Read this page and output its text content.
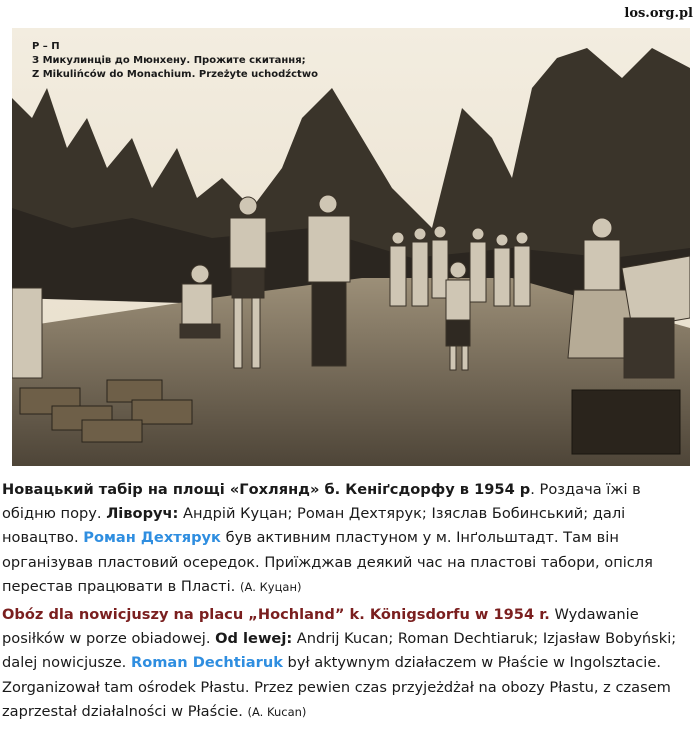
los.org.pl
Р – П
З Микулинців до Мюнхену. Прожите скитання;
Z Mikulińców do Monachium. Przeżyte uchodźctwo
Новацький табір на площі «Гохлянд» б. Кеніґсдорфу в 1954 р. Роздача їжі в обідню пору. Ліворуч: Андрій Куцан; Роман Дехтярук; Ізяслав Бобинський; далі новацтво. Роман Дехтярук був активним пластуном у м. Інґольштадт. Там він організував пластовий осередок. Приїжджав деякий час на пластові табори, опісля перестав працювати в Пласті. (А. Куцан)
Obóz dla nowicjuszy na placu „Hochland” k. Königsdorfu w 1954 r. Wydawanie posiłków w porze obiadowej. Od lewej: Andrij Kucan; Roman Dechtiaruk; Izjasław Bobyński; dalej nowicjusze. Roman Dechtiaruk był aktywnym działaczem w Płaście w Ingolsztacie. Zorganizował tam ośrodek Płastu. Przez pewien czas przyjeżdżał na obozy Płastu, z czasem zaprzestał działalności w Płaście. (A. Kucan)
